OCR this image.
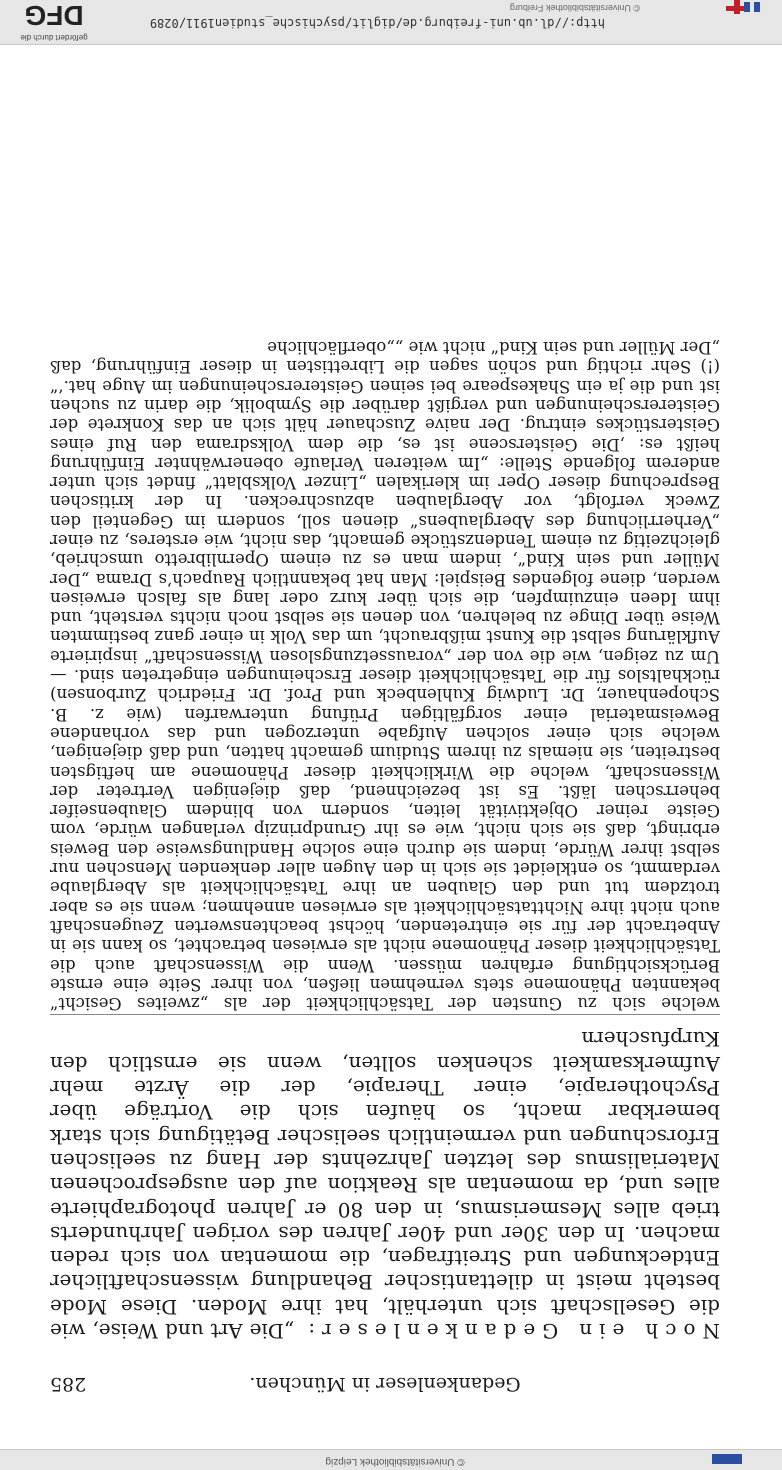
DFG
gefördert durch die
© Universitätsbibliothek Freiburg
http://dl.ub.uni-freiburg.de/diglit/psychische_studien1911/0289
Gedankenleser in München.
285

Noch ein Gedankenleser: „Die Art und Weise, wie die Gesellschaft sich unterhält, hat ihre Moden. Diese Mode besteht meist in dilettantischer Behandlung wissenschaftlicher Entdeckungen und Streitfragen, die momentan von sich reden machen. In den 30er und 40er Jahren des vorigen Jahrhunderts trieb alles Mesmerismus, in den 80 er Jahren photographierte alles und, da momentan als Reaktion auf den ausgesprochenen Materialismus des letzten Jahrzehnts der Hang zu seelischen Erforschungen und vermeintlich seelischer Betätigung sich stark bemerkbar macht, so häufen sich die Vorträge über Psychotherapie, einer Therapie, der die Ärzte mehr Aufmerksamkeit schenken sollten, wenn sie ernstlich den Kurpfuschern

welche sich zu Gunsten der Tatsächlichkeit der als „zweites Gesicht“ bekannten Phänomene stets vernehmen ließen, von ihrer Seite eine ernste Berücksichtigung erfahren müssen. Wenn die Wissenschaft auch die Tatsächlichkeit dieser Phänomene nicht als erwiesen betrachtet, so kann sie in Anbetracht der für sie eintretenden, höchst beachtenswerten Zeugenschaft auch nicht ihre Nichttatsächlichkeit als erwiesen annehmen; wenn sie es aber trotzdem tut und den Glauben an ihre Tatsächlichkeit als Aberglaube verdammt, so entkleidet sie sich in den Augen aller denkenden Menschen nur selbst ihrer Würde, indem sie durch eine solche Handlungsweise den Beweis erbringt, daß sie sich nicht, wie es ihr Grundprinzip verlangen würde, vom Geiste reiner Objektivität leiten, sondern von blindem Glaubenseifer beherrschen läßt. Es ist bezeichnend, daß diejenigen Vertreter der Wissenschaft, welche die Wirklichkeit dieser Phänomene am heftigsten bestreiten, sie niemals zu ihrem Studium gemacht hatten, und daß diejenigen, welche sich einer solchen Aufgabe unterzogen und das vorhandene Beweismaterial einer sorgfältigen Prüfung unterwarfen (wie z. B. Schopenhauer, Dr. Ludwig Kuhlenbeck und Prof. Dr. Friedrich Zurbonsen) rückhaltslos für die Tatsächlichkeit dieser Erscheinungen eingetreten sind. — Um zu zeigen, wie die von der „voraussetzungslosen Wissenschaft“ inspirierte Aufklärung selbst die Kunst mißbraucht, um das Volk in einer ganz bestimmten Weise über Dinge zu belehren, von denen sie selbst noch nichts versteht, und ihm Ideen einzuimpfen, die sich über kurz oder lang als falsch erweisen werden, diene folgendes Beispiel: Man hat bekanntlich Raupach’s Drama „Der Müller und sein Kind“, indem man es zu einem Opernlibretto umschrieb, gleichzeitig zu einem Tendenzstücke gemacht, das nicht, wie ersteres, zu einer „Verherrlichung des Aberglaubens“ dienen soll, sondern im Gegenteil den Zweck verfolgt, vor Aberglauben abzuschrecken. In der kritischen Besprechung dieser Oper im klerikalen „Linzer Volksblatt“ findet sich unter anderem folgende Stelle: „Im weiteren Verlaufe obenerwähnter Einführung heißt es: ‚Die Geisterscene ist es, die dem Volksdrama den Ruf eines Geisterstückes eintrug. Der naive Zuschauer hält sich an das Konkrete der Geistererscheinungen und vergißt darüber die Symbolik, die darin zu suchen ist und die ja ein Shakespeare bei seinen Geistererscheinungen im Auge hat.‘“ (!) Sehr richtig und schön sagen die Librettisten in dieser Einführung, daß „Der Müller und sein Kind“ nicht wie „„oberflächliche

© Universitätsbibliothek Leipzig
